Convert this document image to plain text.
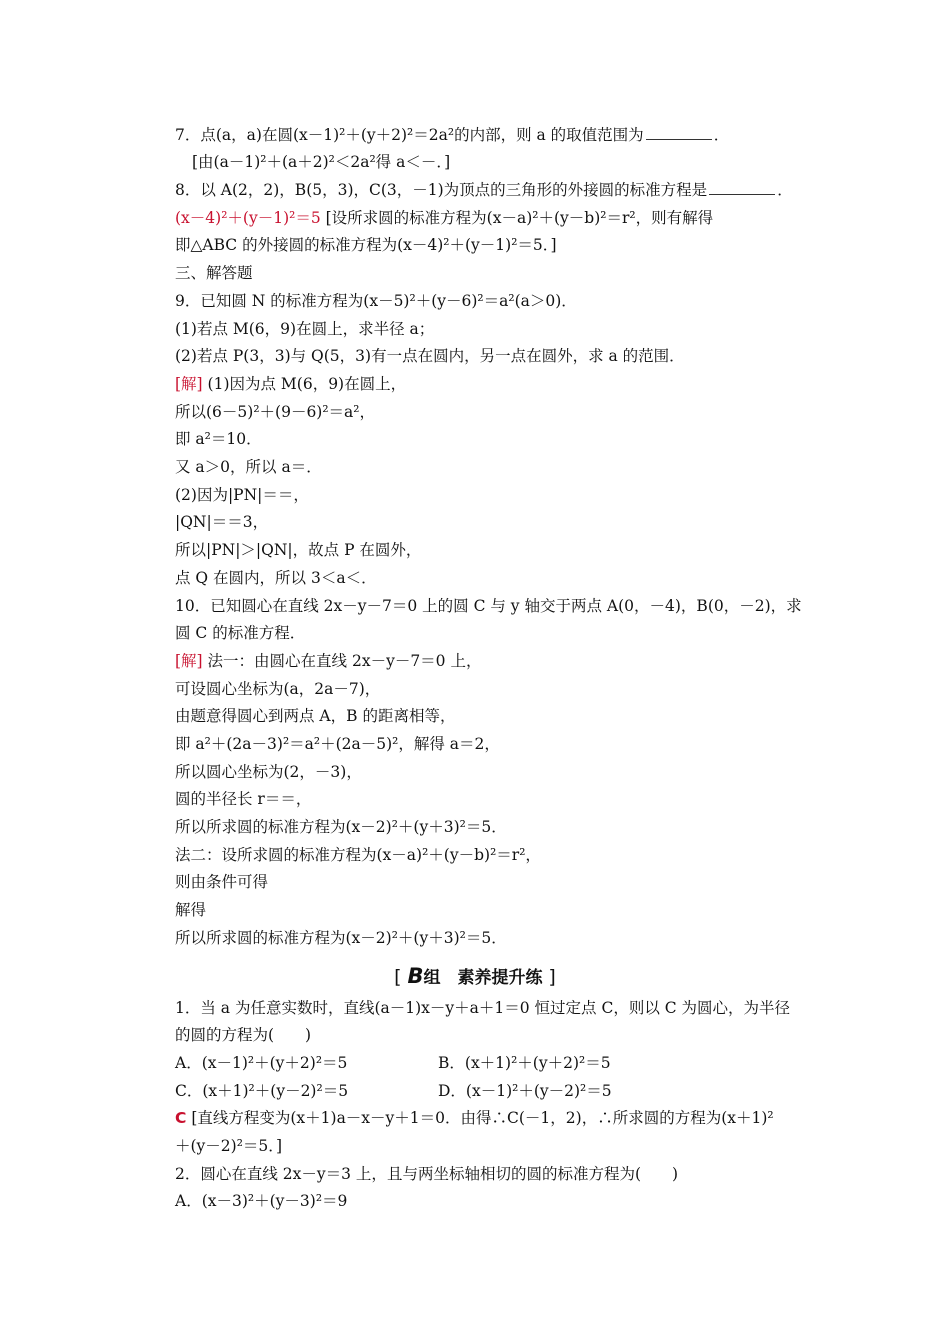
7．点(a，a)在圆(x－1)²＋(y＋2)²＝2a²的内部，则 a 的取值范围为	．
[由(a－1)²＋(a＋2)²＜2a²得 a＜－．]
8．以 A(2，2)，B(5，3)，C(3，－1)为顶点的三角形的外接圆的标准方程是	．
(x－4)²＋(y－1)²＝5 [设所求圆的标准方程为(x－a)²＋(y－b)²＝r²，则有解得
即△ABC 的外接圆的标准方程为(x－4)²＋(y－1)²＝5．]
三、解答题
9．已知圆 N 的标准方程为(x－5)²＋(y－6)²＝a²(a＞0)．
(1)若点 M(6，9)在圆上，求半径 a；
(2)若点 P(3，3)与 Q(5，3)有一点在圆内，另一点在圆外，求 a 的范围．
[解] (1)因为点 M(6，9)在圆上，
所以(6－5)²＋(9－6)²＝a²，
即 a²＝10．
又 a＞0，所以 a＝．
(2)因为|PN|＝＝，
|QN|＝＝3，
所以|PN|＞|QN|，故点 P 在圆外，
点 Q 在圆内，所以 3＜a＜．
10．已知圆心在直线 2x－y－7＝0 上的圆 C 与 y 轴交于两点 A(0，－4)，B(0，－2)，求
圆 C 的标准方程．
[解] 法一：由圆心在直线 2x－y－7＝0 上，
可设圆心坐标为(a，2a－7)，
由题意得圆心到两点 A，B 的距离相等，
即 a²＋(2a－3)²＝a²＋(2a－5)²，解得 a＝2，
所以圆心坐标为(2，－3)，
圆的半径长 r＝＝，
所以所求圆的标准方程为(x－2)²＋(y＋3)²＝5．
法二：设所求圆的标准方程为(x－a)²＋(y－b)²＝r²，
则由条件可得
解得
所以所求圆的标准方程为(x－2)²＋(y＋3)²＝5．
[ B组　素养提升练 ]
1．当 a 为任意实数时，直线(a－1)x－y＋a＋1＝0 恒过定点 C，则以 C 为圆心，为半径
的圆的方程为(　　)
A．(x－1)²＋(y＋2)²＝5	B．(x＋1)²＋(y＋2)²＝5
C．(x＋1)²＋(y－2)²＝5	D．(x－1)²＋(y－2)²＝5
C [直线方程变为(x＋1)a－x－y＋1＝0．由得∴C(－1，2)，∴所求圆的方程为(x＋1)²
＋(y－2)²＝5．]
2．圆心在直线 2x－y＝3 上，且与两坐标轴相切的圆的标准方程为(　　)
A．(x－3)²＋(y－3)²＝9
